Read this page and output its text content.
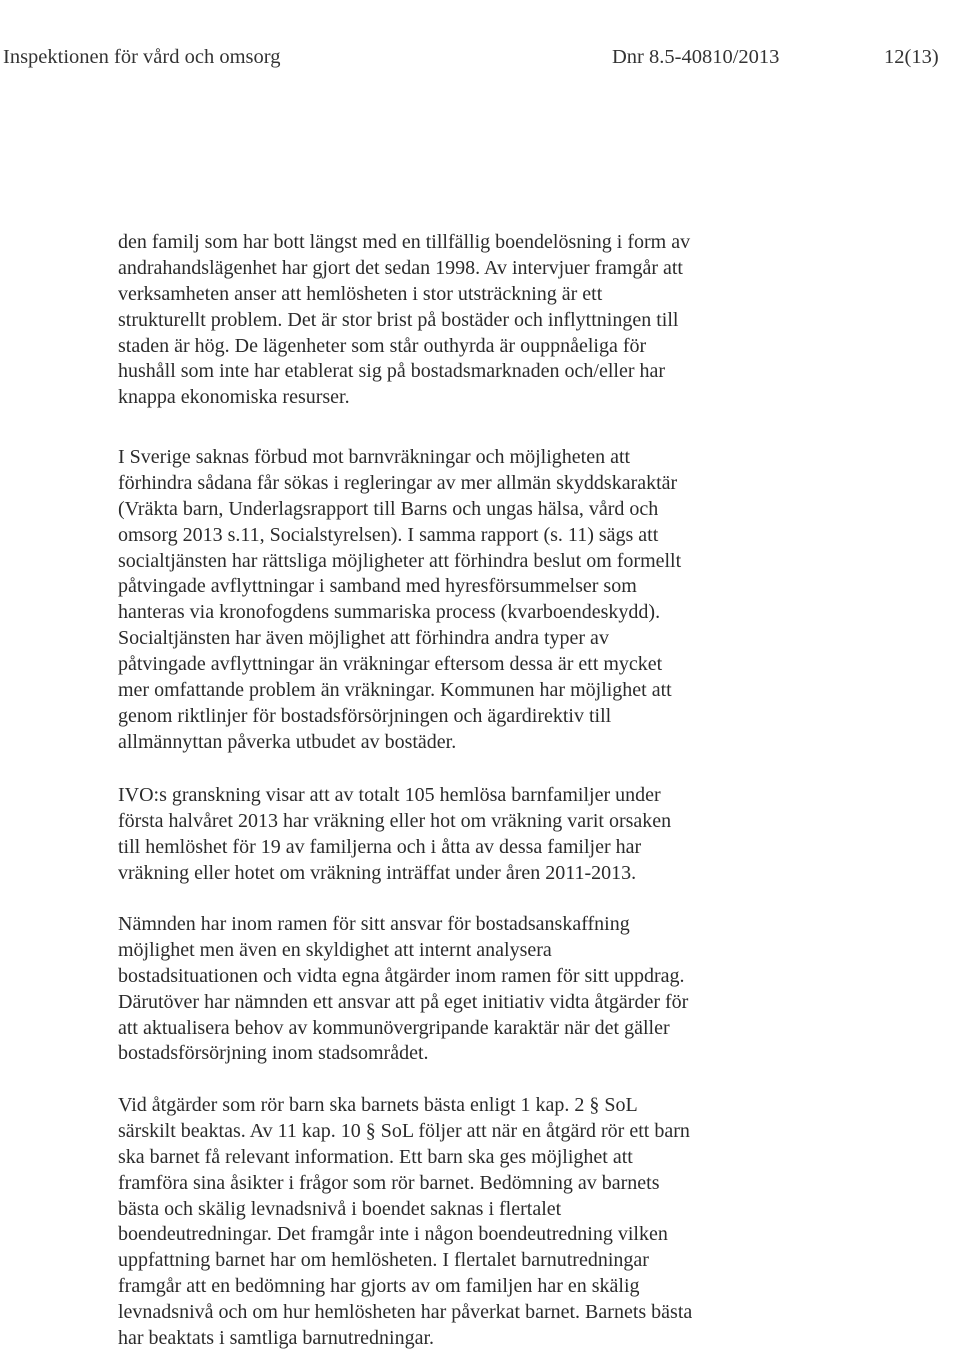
Inspektionen för vård och omsorg	Dnr 8.5-40810/2013	12(13)
den familj som har bott längst med en tillfällig boendelösning i form av
andrahandslägenhet har gjort det sedan 1998. Av intervjuer framgår att
verksamheten anser att hemlösheten i stor utsträckning är ett
strukturellt problem. Det är stor brist på bostäder och inflyttningen till
staden är hög. De lägenheter som står outhyrda är ouppnåeliga för
hushåll som inte har etablerat sig på bostadsmarknaden och/eller har
knappa ekonomiska resurser.
I Sverige saknas förbud mot barnvräkningar och möjligheten att
förhindra sådana får sökas i regleringar av mer allmän skyddskaraktär
(Vräkta barn, Underlagsrapport till Barns och ungas hälsa, vård och
omsorg 2013 s.11, Socialstyrelsen). I samma rapport (s. 11) sägs att
socialtjänsten har rättsliga möjligheter att förhindra beslut om formellt
påtvingade avflyttningar i samband med hyresförsummelser som
hanteras via kronofogdens summariska process (kvarboendeskydd).
Socialtjänsten har även möjlighet att förhindra andra typer av
påtvingade avflyttningar än vräkningar eftersom dessa är ett mycket
mer omfattande problem än vräkningar. Kommunen har möjlighet att
genom riktlinjer för bostadsförsörjningen och ägardirektiv till
allmännyttan påverka utbudet av bostäder.
IVO:s granskning visar att av totalt 105 hemlösa barnfamiljer under
första halvåret 2013 har vräkning eller hot om vräkning varit orsaken
till hemlöshet för 19 av familjerna och i åtta av dessa familjer har
vräkning eller hotet om vräkning inträffat under åren 2011-2013.
Nämnden har inom ramen för sitt ansvar för bostadsanskaffning
möjlighet men även en skyldighet att internt analysera
bostadsituationen och vidta egna åtgärder inom ramen för sitt uppdrag.
Därutöver har nämnden ett ansvar att på eget initiativ vidta åtgärder för
att aktualisera behov av kommunövergripande karaktär när det gäller
bostadsförsörjning inom stadsområdet.
Vid åtgärder som rör barn ska barnets bästa enligt 1 kap. 2 § SoL
särskilt beaktas. Av 11 kap. 10 § SoL följer att när en åtgärd rör ett barn
ska barnet få relevant information. Ett barn ska ges möjlighet att
framföra sina åsikter i frågor som rör barnet. Bedömning av barnets
bästa och skälig levnadsnivå i boendet saknas i flertalet
boendeutredningar. Det framgår inte i någon boendeutredning vilken
uppfattning barnet har om hemlösheten. I flertalet barnutredningar
framgår att en bedömning har gjorts av om familjen har en skälig
levnadsnivå och om hur hemlösheten har påverkat barnet. Barnets bästa
har beaktats i samtliga barnutredningar.
